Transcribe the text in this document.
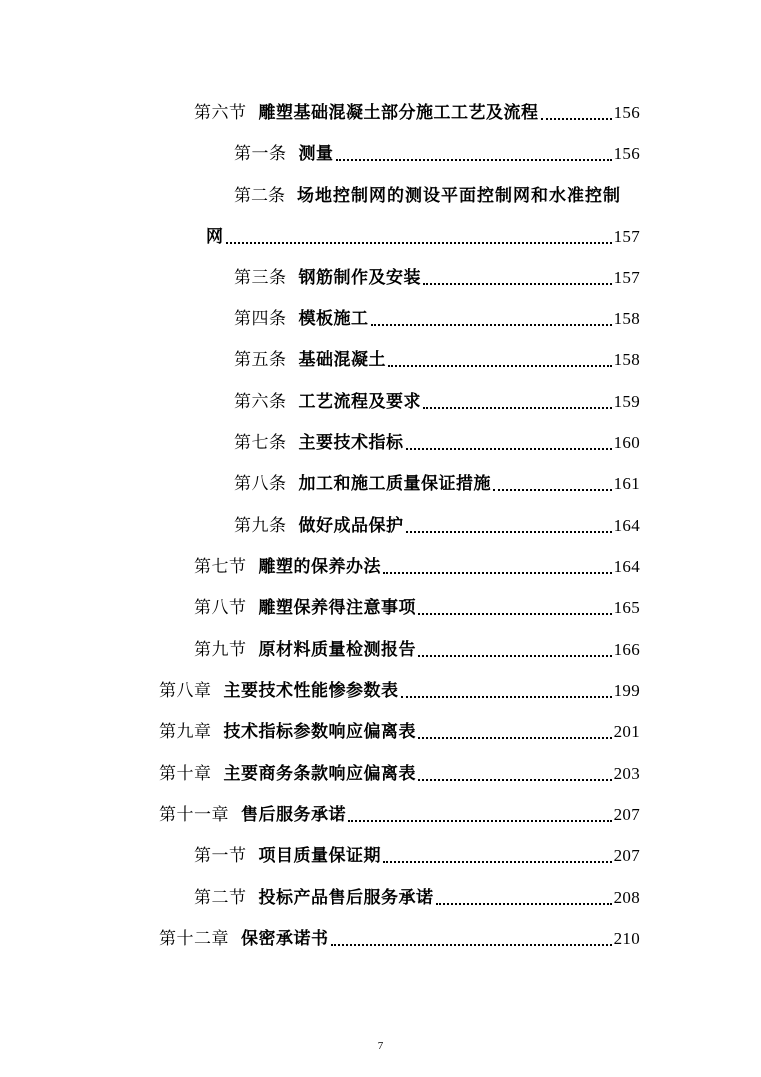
第六节 雕塑基础混凝土部分施工工艺及流程	156
第一条 测量	156
第二条 场地控制网的测设平面控制网和水准控制
网	157
第三条 钢筋制作及安装	157
第四条 模板施工	158
第五条 基础混凝土	158
第六条 工艺流程及要求	159
第七条 主要技术指标	160
第八条 加工和施工质量保证措施	161
第九条 做好成品保护	164
第七节 雕塑的保养办法	164
第八节 雕塑保养得注意事项	165
第九节 原材料质量检测报告	166
第八章 主要技术性能惨参数表	199
第九章 技术指标参数响应偏离表	201
第十章 主要商务条款响应偏离表	203
第十一章 售后服务承诺	207
第一节 项目质量保证期	207
第二节 投标产品售后服务承诺	208
第十二章 保密承诺书	210
7
